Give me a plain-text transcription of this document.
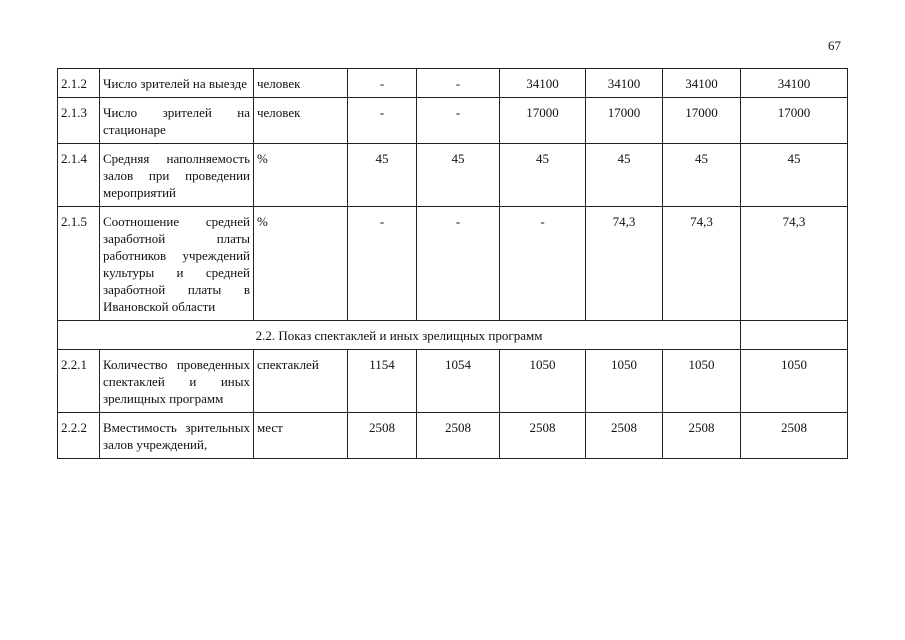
67
2.1.2	Число зрителей на выезде	человек	-	-	34100	34100	34100	34100
2.1.3	Число зрителей на стационаре	человек	-	-	17000	17000	17000	17000
2.1.4	Средняя наполняемость залов при проведении мероприятий	%	45	45	45	45	45	45
2.1.5	Соотношение средней заработной платы работников учреждений культуры и средней заработной платы в Ивановской области	%	-	-	-	74,3	74,3	74,3
2.2. Показ спектаклей и иных зрелищных программ								
2.2.1	Количество проведенных спектаклей и иных зрелищных программ	спектаклей	1154	1054	1050	1050	1050	1050
2.2.2	Вместимость зрительных залов учреждений,	мест	2508	2508	2508	2508	2508	2508
